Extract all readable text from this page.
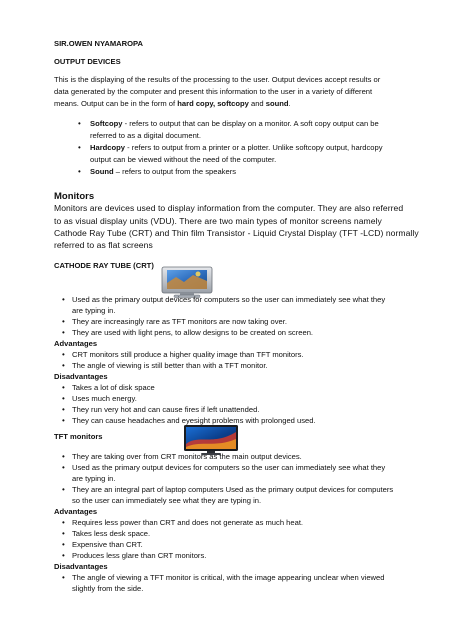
SIR.OWEN NYAMAROPA
OUTPUT DEVICES
This is the displaying of the results of the processing to the user. Output devices accept results or
data generated by the computer and present this information to the user in a variety of different
means. Output can be in the form of hard copy, softcopy and sound.
• Softcopy - refers to output that can be display on a monitor. A soft copy output can be
referred to as a digital document.
• Hardcopy - refers to output from a printer or a plotter. Unlike softcopy output, hardcopy
output can be viewed without the need of the computer.
• Sound – refers to output from the speakers
Monitors
Monitors are devices used to display information from the computer. They are also referred
to as visual display units (VDU). There are two main types of monitor screens namely
Cathode Ray Tube (CRT) and Thin film Transistor - Liquid Crystal Display (TFT -LCD) normally
referred to as flat screens
CATHODE RAY TUBE (CRT)
• Used as the primary output devices for computers so the user can immediately see what they
are typing in.
• They are increasingly rare as TFT monitors are now taking over.
• They are used with light pens, to allow designs to be created on screen.
Advantages
• CRT monitors still produce a higher quality image than TFT monitors.
• The angle of viewing is still better than with a TFT monitor.
Disadvantages
• Takes a lot of disk space
• Uses much energy.
• They run very hot and can cause fires if left unattended.
• They can cause headaches and eyesight problems with prolonged used.
TFT monitors
• They are taking over from CRT monitors as the main output devices.
• Used as the primary output devices for computers so the user can immediately see what they
are typing in.
• They are an integral part of laptop computers Used as the primary output devices for computers
so the user can immediately see what they are typing in.
Advantages
• Requires less power than CRT and does not generate as much heat.
• Takes less desk space.
• Expensive than CRT.
• Produces less glare than CRT monitors.
Disadvantages
• The angle of viewing a TFT monitor is critical, with the image appearing unclear when viewed
slightly from the side.
